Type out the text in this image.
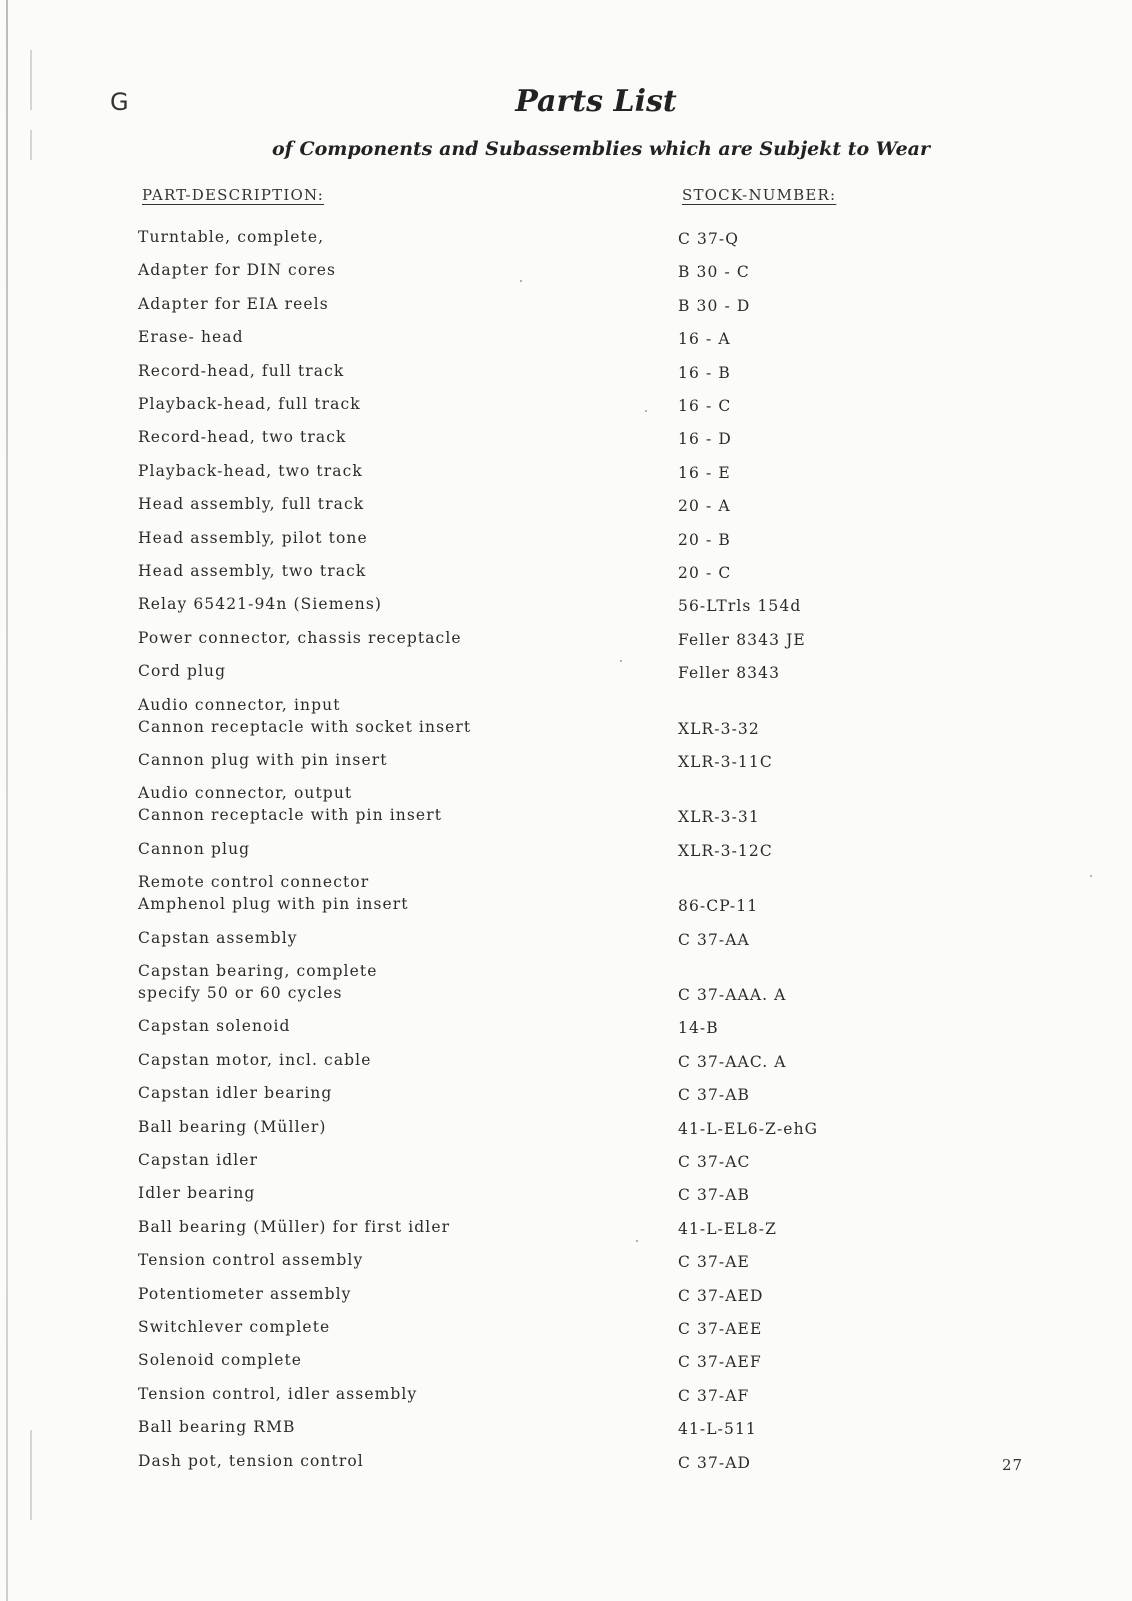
G	Parts List
of Components and Subassemblies which are Subjekt to Wear
PART-DESCRIPTION:	STOCK-NUMBER:
Turntable, complete,	C 37-Q
Adapter for DIN cores	B 30 - C
Adapter for EIA reels	B 30 - D
Erase- head	16 - A
Record-head, full track	16 - B
Playback-head, full track	16 - C
Record-head, two track	16 - D
Playback-head, two track	16 - E
Head assembly, full track	20 - A
Head assembly, pilot tone	20 - B
Head assembly, two track	20 - C
Relay 65421-94n (Siemens)	56-LTrls 154d
Power connector, chassis receptacle	Feller 8343 JE
Cord plug	Feller 8343
Audio connector, input
Cannon receptacle with socket insert	XLR-3-32
Cannon plug with pin insert	XLR-3-11C
Audio connector, output
Cannon receptacle with pin insert	XLR-3-31
Cannon plug	XLR-3-12C
Remote control connector
Amphenol plug with pin insert	86-CP-11
Capstan assembly	C 37-AA
Capstan bearing, complete
specify 50 or 60 cycles	C 37-AAA. A
Capstan solenoid	14-B
Capstan motor, incl. cable	C 37-AAC. A
Capstan idler bearing	C 37-AB
Ball bearing (Müller)	41-L-EL6-Z-ehG
Capstan idler	C 37-AC
Idler bearing	C 37-AB
Ball bearing (Müller) for first idler	41-L-EL8-Z
Tension control assembly	C 37-AE
Potentiometer assembly	C 37-AED
Switchlever complete	C 37-AEE
Solenoid complete	C 37-AEF
Tension control, idler assembly	C 37-AF
Ball bearing RMB	41-L-511
Dash pot, tension control	C 37-AD	27
